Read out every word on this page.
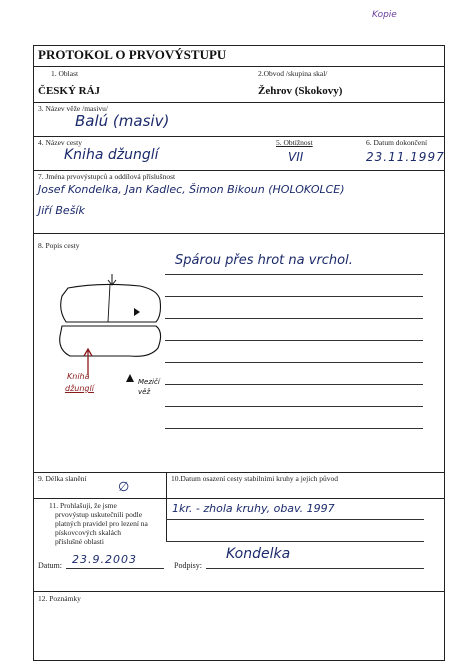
Kopie
PROTOKOL O PRVOVÝSTUPU
1. Oblast	2.Obvod /skupina skal/
ČESKÝ RÁJ	Žehrov (Skokovy)
3. Název věže /masivu/
Balú (masiv)
4. Název cesty	5. Obtížnost	6. Datum dokončení
Kniha džunglí	VII	23.11.1997
7. Jména prvovýstupců a oddílová příslušnost
Josef Kondelka, Jan Kadlec, Šimon Bikoun (HOLOKOLCE)
Jiří Bešík
8. Popis cesty
Spárou přes hrot na vrchol.
Kniha
džunglí
Mezičí
věž
9. Délka slanění	10.Datum osazení cesty stabilními kruhy a jejich původ
∅
11. Prohlašuji, že jsme
prvovýstup uskutečnili podle
platných pravidel pro lezení na
pískovcových skalách
příslušné oblasti
1kr. - zhola kruhy, obav. 1997
Datum: 23.9.2003	Podpisy:
Kondelka
12. Poznámky
